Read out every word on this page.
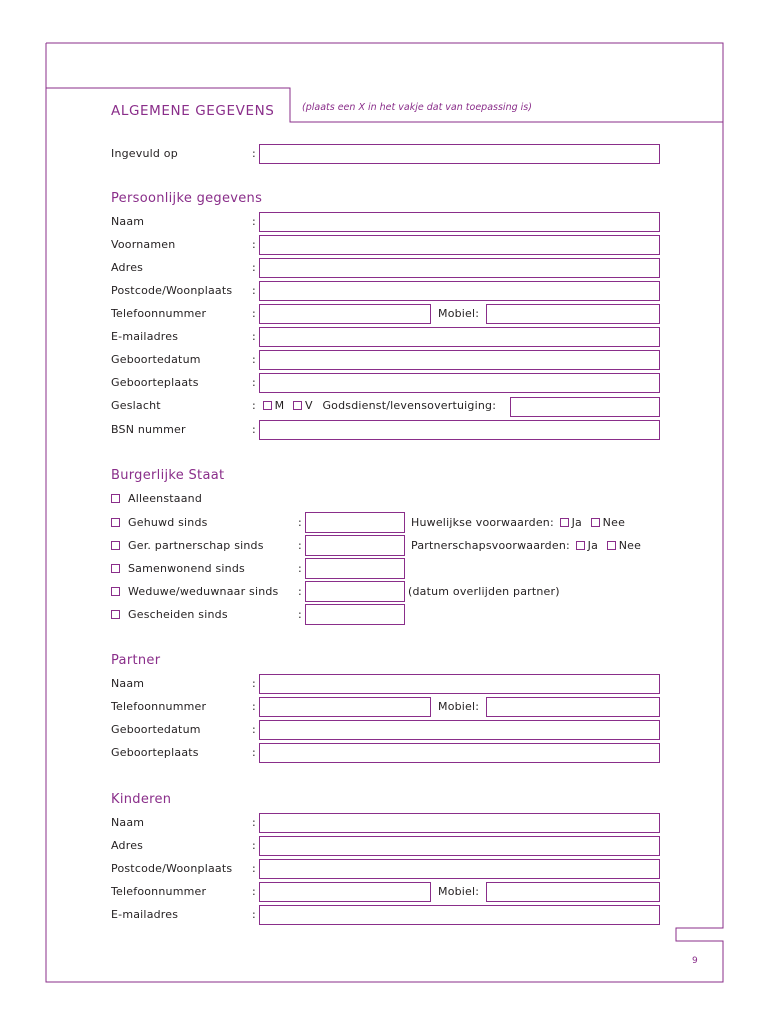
ALGEMENE GEGEVENS	(plaats een X in het vakje dat van toepassing is)
Ingevuld op	:
Persoonlijke gegevens
Naam	:
Voornamen	:
Adres	:
Postcode/Woonplaats :
Telefoonnummer	:	Mobiel:
E-mailadres	:
Geboortedatum	:
Geboorteplaats	:
Geslacht	: M V Godsdienst/levensovertuiging:
BSN nummer	:
Burgerlijke Staat
Alleenstaand
Gehuwd sinds	:	Huwelijkse voorwaarden: Ja Nee
Ger. partnerschap sinds	:	Partnerschapsvoorwaarden: Ja Nee
Samenwonend sinds	:
Weduwe/weduwnaar sinds :	(datum overlijden partner)
Gescheiden sinds	:
Partner
Naam	:
Telefoonnummer	:	Mobiel:
Geboortedatum	:
Geboorteplaats	:
Kinderen
Naam	:
Adres	:
Postcode/Woonplaats :
Telefoonnummer	:	Mobiel:
E-mailadres	:
9
